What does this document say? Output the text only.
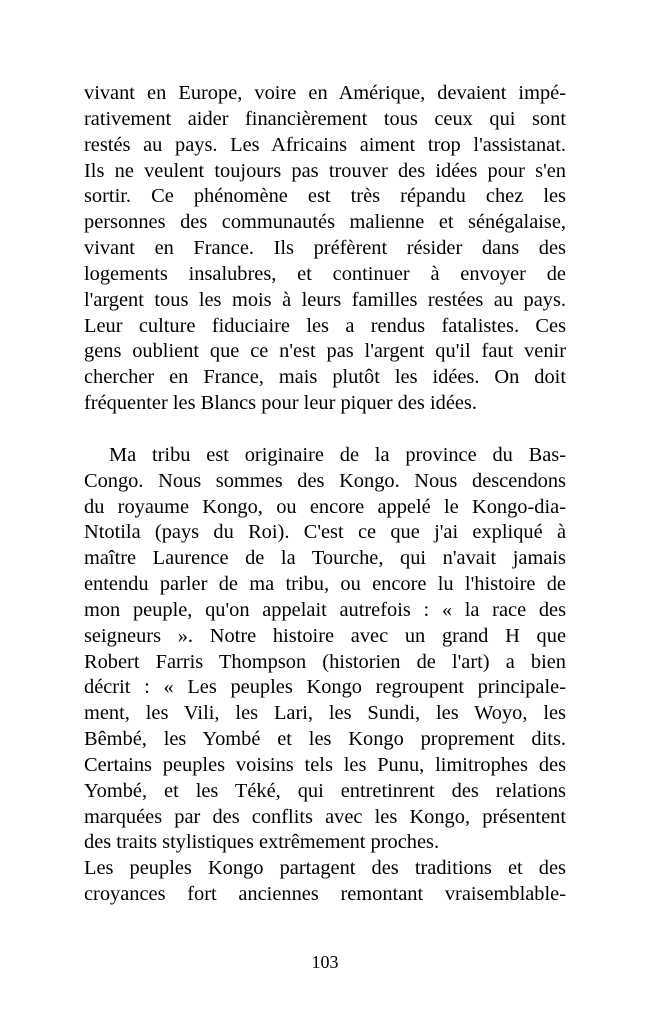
vivant en Europe, voire en Amérique, devaient impé-
rativement aider financièrement tous ceux qui sont
restés au pays. Les Africains aiment trop l'assistanat.
Ils ne veulent toujours pas trouver des idées pour s'en
sortir. Ce phénomène est très répandu chez les
personnes des communautés malienne et sénégalaise,
vivant en France. Ils préfèrent résider dans des
logements insalubres, et continuer à envoyer de
l'argent tous les mois à leurs familles restées au pays.
Leur culture fiduciaire les a rendus fatalistes. Ces
gens oublient que ce n'est pas l'argent qu'il faut venir
chercher en France, mais plutôt les idées. On doit
fréquenter les Blancs pour leur piquer des idées.
Ma tribu est originaire de la province du Bas-
Congo. Nous sommes des Kongo. Nous descendons
du royaume Kongo, ou encore appelé le Kongo-dia-
Ntotila (pays du Roi). C'est ce que j'ai expliqué à
maître Laurence de la Tourche, qui n'avait jamais
entendu parler de ma tribu, ou encore lu l'histoire de
mon peuple, qu'on appelait autrefois : « la race des
seigneurs ». Notre histoire avec un grand H que
Robert Farris Thompson (historien de l'art) a bien
décrit : « Les peuples Kongo regroupent principale-
ment, les Vili, les Lari, les Sundi, les Woyo, les
Bêmbé, les Yombé et les Kongo proprement dits.
Certains peuples voisins tels les Punu, limitrophes des
Yombé, et les Téké, qui entretinrent des relations
marquées par des conflits avec les Kongo, présentent
des traits stylistiques extrêmement proches.
Les peuples Kongo partagent des traditions et des
croyances fort anciennes remontant vraisemblable-
103
